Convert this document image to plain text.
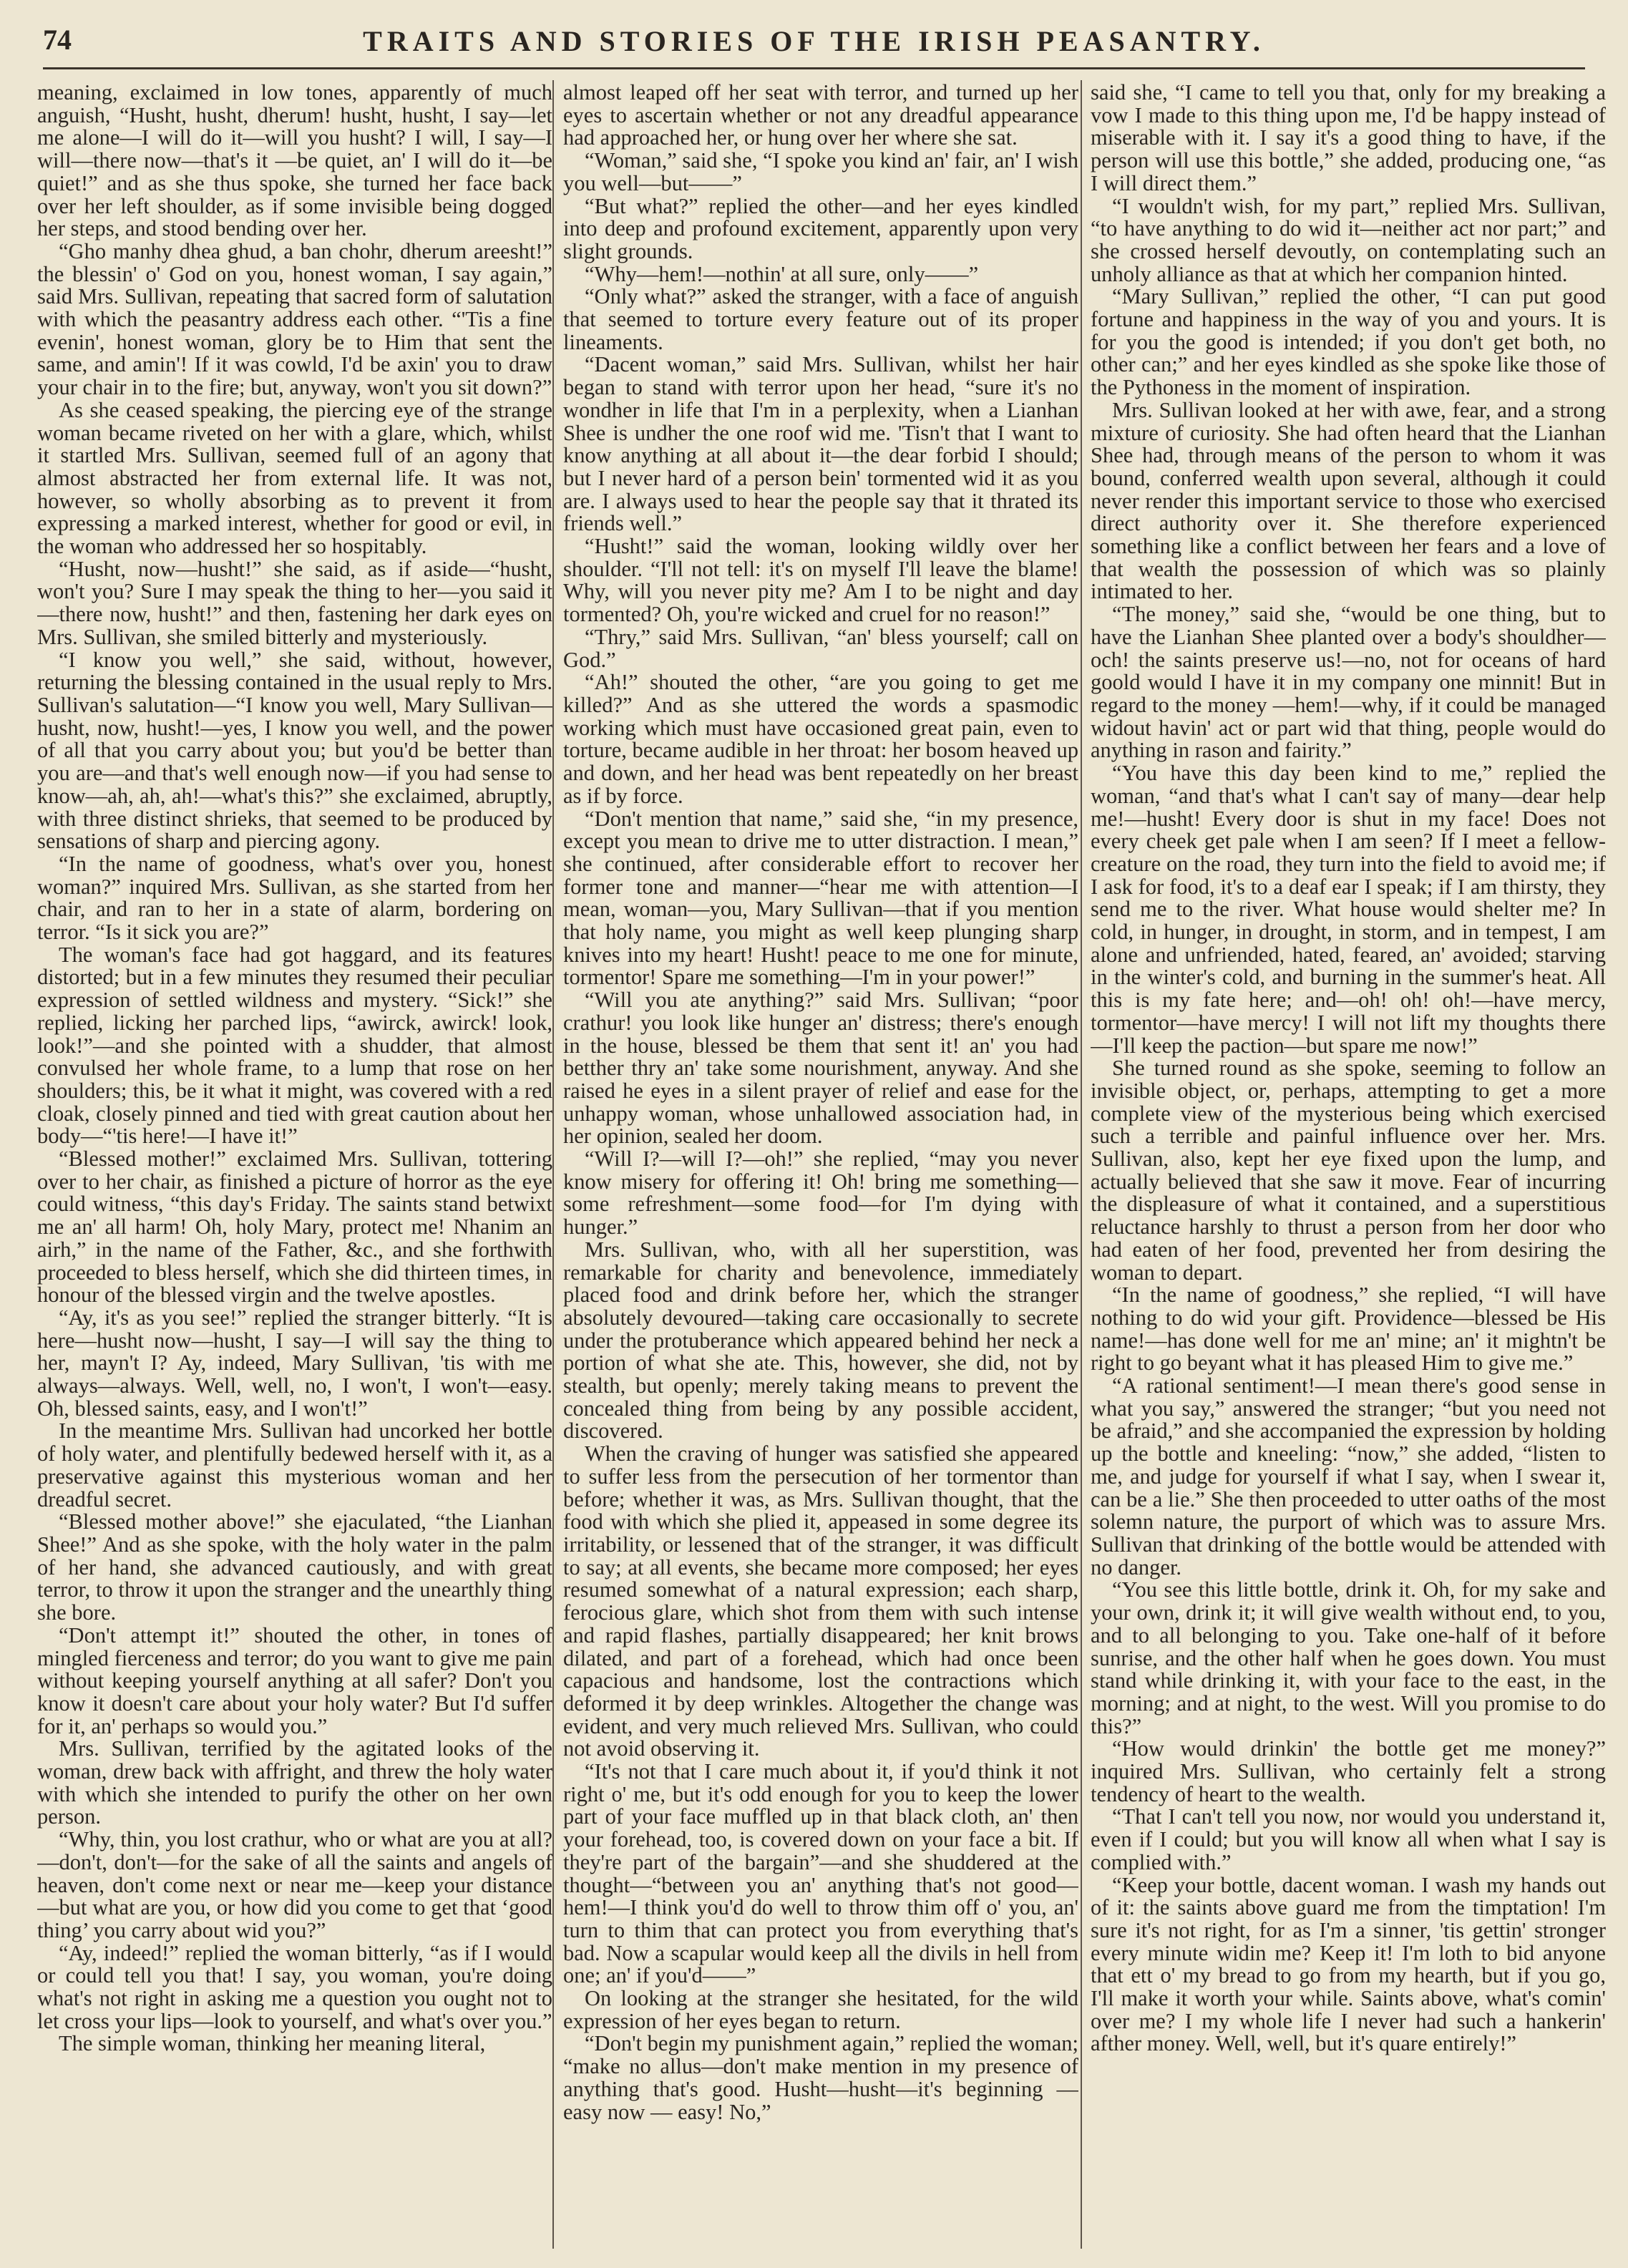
74	TRAITS AND STORIES OF THE IRISH PEASANTRY.

meaning, exclaimed in low tones, apparently of much anguish, “Husht, husht, dherum! husht, husht, I say—let me alone—I will do it—will you husht? I will, I say—I will—there now—that's it —be quiet, an' I will do it—be quiet!” and as she thus spoke, she turned her face back over her left shoulder, as if some invisible being dogged her steps, and stood bending over her.

“Gho manhy dhea ghud, a ban chohr, dherum areesht!” the blessin' o' God on you, honest woman, I say again,” said Mrs. Sullivan, repeating that sacred form of salutation with which the peasantry address each other. “'Tis a fine evenin', honest woman, glory be to Him that sent the same, and amin'! If it was cowld, I'd be axin' you to draw your chair in to the fire; but, anyway, won't you sit down?”

As she ceased speaking, the piercing eye of the strange woman became riveted on her with a glare, which, whilst it startled Mrs. Sullivan, seemed full of an agony that almost abstracted her from external life. It was not, however, so wholly absorbing as to prevent it from expressing a marked interest, whether for good or evil, in the woman who addressed her so hospitably.

“Husht, now—husht!” she said, as if aside—“husht, won't you? Sure I may speak the thing to her—you said it—there now, husht!” and then, fastening her dark eyes on Mrs. Sullivan, she smiled bitterly and mysteriously.

“I know you well,” she said, without, however, returning the blessing contained in the usual reply to Mrs. Sullivan's salutation—“I know you well, Mary Sullivan—husht, now, husht!—yes, I know you well, and the power of all that you carry about you; but you'd be better than you are—and that's well enough now—if you had sense to know—ah, ah, ah!—what's this?” she exclaimed, abruptly, with three distinct shrieks, that seemed to be produced by sensations of sharp and piercing agony.

“In the name of goodness, what's over you, honest woman?” inquired Mrs. Sullivan, as she started from her chair, and ran to her in a state of alarm, bordering on terror. “Is it sick you are?”

The woman's face had got haggard, and its features distorted; but in a few minutes they resumed their peculiar expression of settled wildness and mystery. “Sick!” she replied, licking her parched lips, “awirck, awirck! look, look!”—and she pointed with a shudder, that almost convulsed her whole frame, to a lump that rose on her shoulders; this, be it what it might, was covered with a red cloak, closely pinned and tied with great caution about her body—“'tis here!—I have it!”

“Blessed mother!” exclaimed Mrs. Sullivan, tottering over to her chair, as finished a picture of horror as the eye could witness, “this day's Friday. The saints stand betwixt me an' all harm! Oh, holy Mary, protect me! Nhanim an airh,” in the name of the Father, &c., and she forthwith proceeded to bless herself, which she did thirteen times, in honour of the blessed virgin and the twelve apostles.

“Ay, it's as you see!” replied the stranger bitterly. “It is here—husht now—husht, I say—I will say the thing to her, mayn't I? Ay, indeed, Mary Sullivan, 'tis with me always—always. Well, well, no, I won't, I won't—easy. Oh, blessed saints, easy, and I won't!”

In the meantime Mrs. Sullivan had uncorked her bottle of holy water, and plentifully bedewed herself with it, as a preservative against this mysterious woman and her dreadful secret.

“Blessed mother above!” she ejaculated, “the Lianhan Shee!” And as she spoke, with the holy water in the palm of her hand, she advanced cautiously, and with great terror, to throw it upon the stranger and the unearthly thing she bore.

“Don't attempt it!” shouted the other, in tones of mingled fierceness and terror; do you want to give me pain without keeping yourself anything at all safer? Don't you know it doesn't care about your holy water? But I'd suffer for it, an' perhaps so would you.”

Mrs. Sullivan, terrified by the agitated looks of the woman, drew back with affright, and threw the holy water with which she intended to purify the other on her own person.

“Why, thin, you lost crathur, who or what are you at all?—don't, don't—for the sake of all the saints and angels of heaven, don't come next or near me—keep your distance—but what are you, or how did you come to get that ‘good thing’ you carry about wid you?”

“Ay, indeed!” replied the woman bitterly, “as if I would or could tell you that! I say, you woman, you're doing what's not right in asking me a question you ought not to let cross your lips—look to yourself, and what's over you.”

The simple woman, thinking her meaning literal,

almost leaped off her seat with terror, and turned up her eyes to ascertain whether or not any dreadful appearance had approached her, or hung over her where she sat.

“Woman,” said she, “I spoke you kind an' fair, an' I wish you well—but——”

“But what?” replied the other—and her eyes kindled into deep and profound excitement, apparently upon very slight grounds.

“Why—hem!—nothin' at all sure, only——”

“Only what?” asked the stranger, with a face of anguish that seemed to torture every feature out of its proper lineaments.

“Dacent woman,” said Mrs. Sullivan, whilst her hair began to stand with terror upon her head, “sure it's no wondher in life that I'm in a perplexity, when a Lianhan Shee is undher the one roof wid me. 'Tisn't that I want to know anything at all about it—the dear forbid I should; but I never hard of a person bein' tormented wid it as you are. I always used to hear the people say that it thrated its friends well.”

“Husht!” said the woman, looking wildly over her shoulder. “I'll not tell: it's on myself I'll leave the blame! Why, will you never pity me? Am I to be night and day tormented? Oh, you're wicked and cruel for no reason!”

“Thry,” said Mrs. Sullivan, “an' bless yourself; call on God.”

“Ah!” shouted the other, “are you going to get me killed?” And as she uttered the words a spasmodic working which must have occasioned great pain, even to torture, became audible in her throat: her bosom heaved up and down, and her head was bent repeatedly on her breast as if by force.

“Don't mention that name,” said she, “in my presence, except you mean to drive me to utter distraction. I mean,” she continued, after considerable effort to recover her former tone and manner—“hear me with attention—I mean, woman—you, Mary Sullivan—that if you mention that holy name, you might as well keep plunging sharp knives into my heart! Husht! peace to me one for minute, tormentor! Spare me something—I'm in your power!”

“Will you ate anything?” said Mrs. Sullivan; “poor crathur! you look like hunger an' distress; there's enough in the house, blessed be them that sent it! an' you had betther thry an' take some nourishment, anyway. And she raised he eyes in a silent prayer of relief and ease for the unhappy woman, whose unhallowed association had, in her opinion, sealed her doom.

“Will I?—will I?—oh!” she replied, “may you never know misery for offering it! Oh! bring me something—some refreshment—some food—for I'm dying with hunger.”

Mrs. Sullivan, who, with all her superstition, was remarkable for charity and benevolence, immediately placed food and drink before her, which the stranger absolutely devoured—taking care occasionally to secrete under the protuberance which appeared behind her neck a portion of what she ate. This, however, she did, not by stealth, but openly; merely taking means to prevent the concealed thing from being by any possible accident, discovered.

When the craving of hunger was satisfied she appeared to suffer less from the persecution of her tormentor than before; whether it was, as Mrs. Sullivan thought, that the food with which she plied it, appeased in some degree its irritability, or lessened that of the stranger, it was difficult to say; at all events, she became more composed; her eyes resumed somewhat of a natural expression; each sharp, ferocious glare, which shot from them with such intense and rapid flashes, partially disappeared; her knit brows dilated, and part of a forehead, which had once been capacious and handsome, lost the contractions which deformed it by deep wrinkles. Altogether the change was evident, and very much relieved Mrs. Sullivan, who could not avoid observing it.

“It's not that I care much about it, if you'd think it not right o' me, but it's odd enough for you to keep the lower part of your face muffled up in that black cloth, an' then your forehead, too, is covered down on your face a bit. If they're part of the bargain”—and she shuddered at the thought—“between you an' anything that's not good—hem!—I think you'd do well to throw thim off o' you, an' turn to thim that can protect you from everything that's bad. Now a scapular would keep all the divils in hell from one; an' if you'd——”

On looking at the stranger she hesitated, for the wild expression of her eyes began to return.

“Don't begin my punishment again,” replied the woman; “make no allus—don't make mention in my presence of anything that's good. Husht—husht—it's beginning — easy now — easy! No,”

said she, “I came to tell you that, only for my breaking a vow I made to this thing upon me, I'd be happy instead of miserable with it. I say it's a good thing to have, if the person will use this bottle,” she added, producing one, “as I will direct them.”

“I wouldn't wish, for my part,” replied Mrs. Sullivan, “to have anything to do wid it—neither act nor part;” and she crossed herself devoutly, on contemplating such an unholy alliance as that at which her companion hinted.

“Mary Sullivan,” replied the other, “I can put good fortune and happiness in the way of you and yours. It is for you the good is intended; if you don't get both, no other can;” and her eyes kindled as she spoke like those of the Pythoness in the moment of inspiration.

Mrs. Sullivan looked at her with awe, fear, and a strong mixture of curiosity. She had often heard that the Lianhan Shee had, through means of the person to whom it was bound, conferred wealth upon several, although it could never render this important service to those who exercised direct authority over it. She therefore experienced something like a conflict between her fears and a love of that wealth the possession of which was so plainly intimated to her.

“The money,” said she, “would be one thing, but to have the Lianhan Shee planted over a body's shouldher—och! the saints preserve us!—no, not for oceans of hard goold would I have it in my company one minnit! But in regard to the money —hem!—why, if it could be managed widout havin' act or part wid that thing, people would do anything in rason and fairity.”

“You have this day been kind to me,” replied the woman, “and that's what I can't say of many—dear help me!—husht! Every door is shut in my face! Does not every cheek get pale when I am seen? If I meet a fellow-creature on the road, they turn into the field to avoid me; if I ask for food, it's to a deaf ear I speak; if I am thirsty, they send me to the river. What house would shelter me? In cold, in hunger, in drought, in storm, and in tempest, I am alone and unfriended, hated, feared, an' avoided; starving in the winter's cold, and burning in the summer's heat. All this is my fate here; and—oh! oh! oh!—have mercy, tormentor—have mercy! I will not lift my thoughts there—I'll keep the paction—but spare me now!”

She turned round as she spoke, seeming to follow an invisible object, or, perhaps, attempting to get a more complete view of the mysterious being which exercised such a terrible and painful influence over her. Mrs. Sullivan, also, kept her eye fixed upon the lump, and actually believed that she saw it move. Fear of incurring the displeasure of what it contained, and a superstitious reluctance harshly to thrust a person from her door who had eaten of her food, prevented her from desiring the woman to depart.

“In the name of goodness,” she replied, “I will have nothing to do wid your gift. Providence—blessed be His name!—has done well for me an' mine; an' it mightn't be right to go beyant what it has pleased Him to give me.”

“A rational sentiment!—I mean there's good sense in what you say,” answered the stranger; “but you need not be afraid,” and she accompanied the expression by holding up the bottle and kneeling: “now,” she added, “listen to me, and judge for yourself if what I say, when I swear it, can be a lie.” She then proceeded to utter oaths of the most solemn nature, the purport of which was to assure Mrs. Sullivan that drinking of the bottle would be attended with no danger.

“You see this little bottle, drink it. Oh, for my sake and your own, drink it; it will give wealth without end, to you, and to all belonging to you. Take one-half of it before sunrise, and the other half when he goes down. You must stand while drinking it, with your face to the east, in the morning; and at night, to the west. Will you promise to do this?”

“How would drinkin' the bottle get me money?” inquired Mrs. Sullivan, who certainly felt a strong tendency of heart to the wealth.

“That I can't tell you now, nor would you understand it, even if I could; but you will know all when what I say is complied with.”

“Keep your bottle, dacent woman. I wash my hands out of it: the saints above guard me from the timptation! I'm sure it's not right, for as I'm a sinner, 'tis gettin' stronger every minute widin me? Keep it! I'm loth to bid anyone that ett o' my bread to go from my hearth, but if you go, I'll make it worth your while. Saints above, what's comin' over me? I my whole life I never had such a hankerin' afther money. Well, well, but it's quare entirely!”
